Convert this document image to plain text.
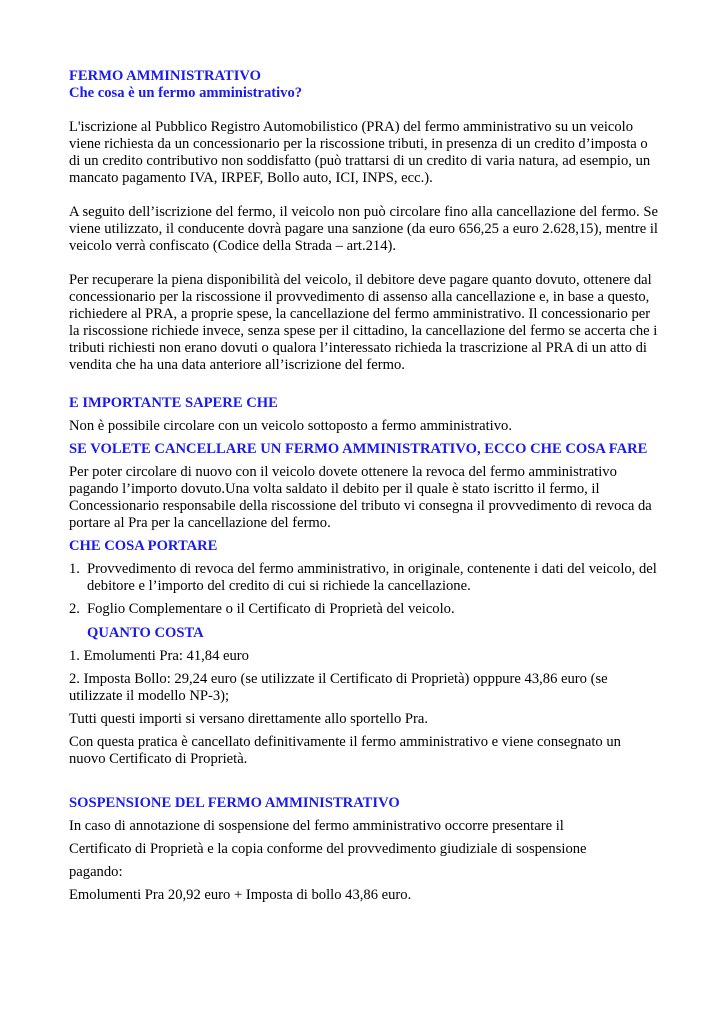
FERMO AMMINISTRATIVO

Che cosa è un fermo amministrativo?

L'iscrizione al Pubblico Registro Automobilistico (PRA) del fermo amministrativo su un veicolo viene richiesta da un concessionario per la riscossione tributi, in presenza di un credito d’imposta o di un credito contributivo non soddisfatto (può trattarsi di un credito di varia natura, ad esempio, un mancato pagamento IVA, IRPEF, Bollo auto, ICI, INPS, ecc.).

A seguito dell’iscrizione del fermo, il veicolo non può circolare fino alla cancellazione del fermo. Se viene utilizzato, il conducente dovrà pagare una sanzione (da euro 656,25 a euro 2.628,15), mentre il veicolo verrà confiscato (Codice della Strada – art.214).

Per recuperare la piena disponibilità del veicolo, il debitore deve pagare quanto dovuto, ottenere dal concessionario per la riscossione il provvedimento di assenso alla cancellazione e, in base a questo, richiedere al PRA, a proprie spese, la cancellazione del fermo amministrativo. Il concessionario per la riscossione richiede invece, senza spese per il cittadino, la cancellazione del fermo se accerta che i tributi richiesti non erano dovuti o qualora l’interessato richieda la trascrizione al PRA di un atto di vendita che ha una data anteriore all’iscrizione del fermo.

E IMPORTANTE SAPERE CHE

Non è possibile circolare con un veicolo sottoposto a fermo amministrativo.

SE VOLETE CANCELLARE UN FERMO AMMINISTRATIVO, ECCO CHE COSA FARE

Per poter circolare di nuovo con il veicolo dovete ottenere la revoca del fermo amministrativo pagando l’importo dovuto.Una volta saldato il debito per il quale è stato iscritto il fermo, il Concessionario responsabile della riscossione del tributo vi consegna il provvedimento di revoca da portare al Pra per la cancellazione del fermo.

CHE COSA PORTARE

1. Provvedimento di revoca del fermo amministrativo, in originale, contenente i dati del veicolo, del debitore e l’importo del credito di cui si richiede la cancellazione.
2. Foglio Complementare o il Certificato di Proprietà del veicolo.

QUANTO COSTA

1. Emolumenti Pra: 41,84 euro

2. Imposta Bollo: 29,24 euro (se utilizzate il Certificato di Proprietà) opppure 43,86 euro (se utilizzate il modello NP-3);

Tutti questi importi si versano direttamente allo sportello Pra.

Con questa pratica è cancellato definitivamente il fermo amministrativo e viene consegnato un nuovo Certificato di Proprietà.

SOSPENSIONE DEL FERMO AMMINISTRATIVO

In caso di annotazione di sospensione del fermo amministrativo occorre presentare il

Certificato di Proprietà e la copia conforme del provvedimento giudiziale di sospensione

pagando:

Emolumenti Pra 20,92 euro + Imposta di bollo 43,86 euro.
